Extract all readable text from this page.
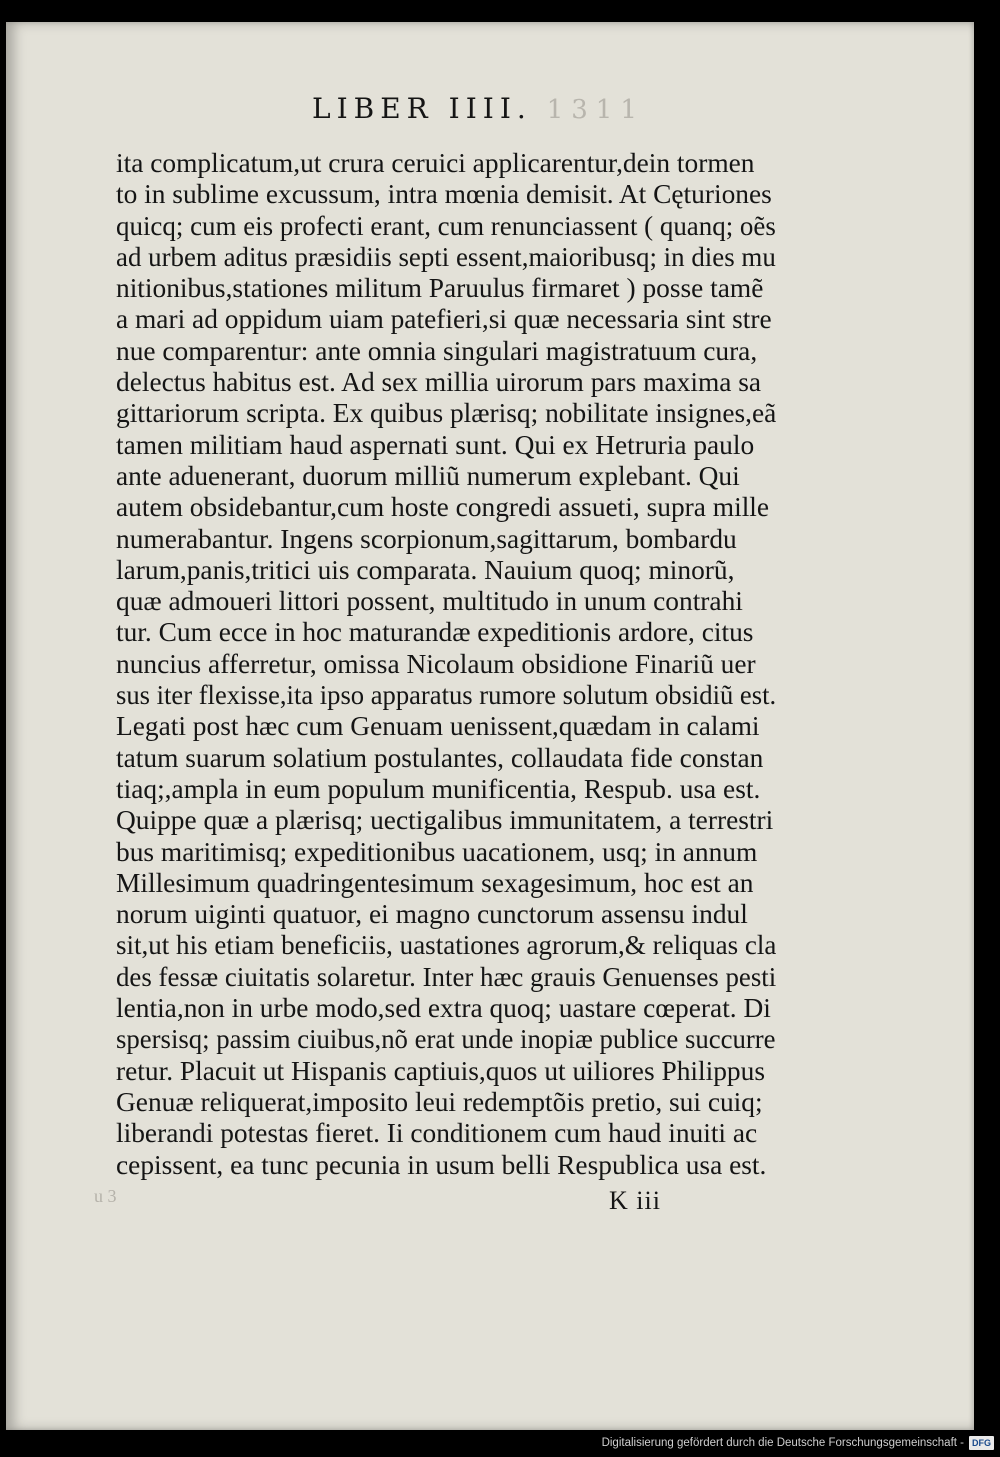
LIBER IIII. 1311
ita complicatum,ut crura ceruici applicarentur,dein tormen
to in sublime excussum, intra mœnia demisit. At Cęturiones
quicq; cum eis profecti erant, cum renunciassent ( quanq; oẽs
ad urbem aditus præsidiis septi essent,maioribusq; in dies mu
nitionibus,stationes militum Paruulus firmaret ) posse tamẽ
a mari ad oppidum uiam patefieri,si quæ necessaria sint stre
nue comparentur: ante omnia singulari magistratuum cura,
delectus habitus est. Ad sex millia uirorum pars maxima sa
gittariorum scripta. Ex quibus plærisq; nobilitate insignes,eã
tamen militiam haud aspernati sunt. Qui ex Hetruria paulo
ante aduenerant, duorum milliũ numerum explebant. Qui
autem obsidebantur,cum hoste congredi assueti, supra mille
numerabantur. Ingens scorpionum,sagittarum, bombardu
larum,panis,tritici uis comparata. Nauium quoq; minorũ,
quæ admoueri littori possent, multitudo in unum contrahi
tur. Cum ecce in hoc maturandæ expeditionis ardore, citus
nuncius afferretur, omissa Nicolaum obsidione Finariũ uer
sus iter flexisse,ita ipso apparatus rumore solutum obsidiũ est.
Legati post hæc cum Genuam uenissent,quædam in calami
tatum suarum solatium postulantes, collaudata fide constan
tiaq;,ampla in eum populum munificentia, Respub. usa est.
Quippe quæ a plærisq; uectigalibus immunitatem, a terrestri
bus maritimisq; expeditionibus uacationem, usq; in annum
Millesimum quadringentesimum sexagesimum, hoc est an
norum uiginti quatuor, ei magno cunctorum assensu indul
sit,ut his etiam beneficiis, uastationes agrorum,& reliquas cla
des fessæ ciuitatis solaretur. Inter hæc grauis Genuenses pesti
lentia,non in urbe modo,sed extra quoq; uastare cœperat. Di
spersisq; passim ciuibus,nõ erat unde inopiæ publice succurre
retur. Placuit ut Hispanis captiuis,quos ut uiliores Philippus
Genuæ reliquerat,imposito leui redemptõis pretio, sui cuiq;
liberandi potestas fieret. Ii conditionem cum haud inuiti ac
cepissent, ea tunc pecunia in usum belli Respublica usa est.
u 3	K iii
Digitalisierung gefördert durch die Deutsche Forschungsgemeinschaft - DFG
